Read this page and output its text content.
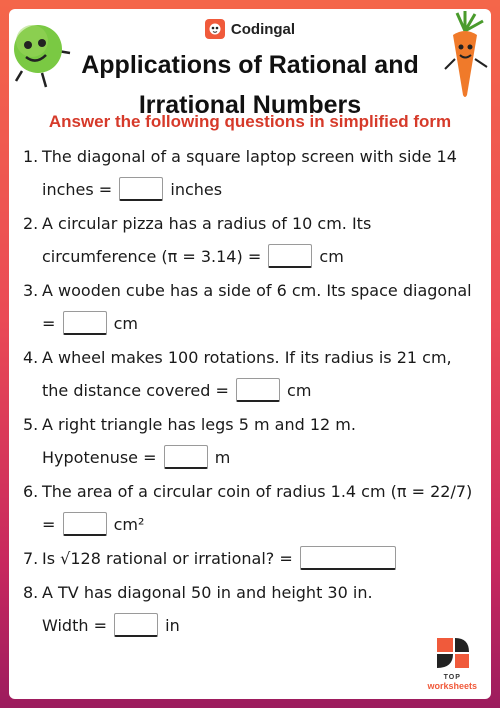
Codingal
Applications of Rational and Irrational Numbers
Answer the following questions in simplified form
1. The diagonal of a square laptop screen with side 14
inches =	inches
2. A circular pizza has a radius of 10 cm. Its
circumference (π = 3.14) =	cm
3. A wooden cube has a side of 6 cm. Its space diagonal
=	cm
4. A wheel makes 100 rotations. If its radius is 21 cm,
the distance covered =	cm
5. A right triangle has legs 5 m and 12 m.
Hypotenuse =	m
6. The area of a circular coin of radius 1.4 cm (π = 22/7)
=	cm²
7. Is √128 rational or irrational? =
8. A TV has diagonal 50 in and height 30 in.
Width =	in
TOP
worksheets
